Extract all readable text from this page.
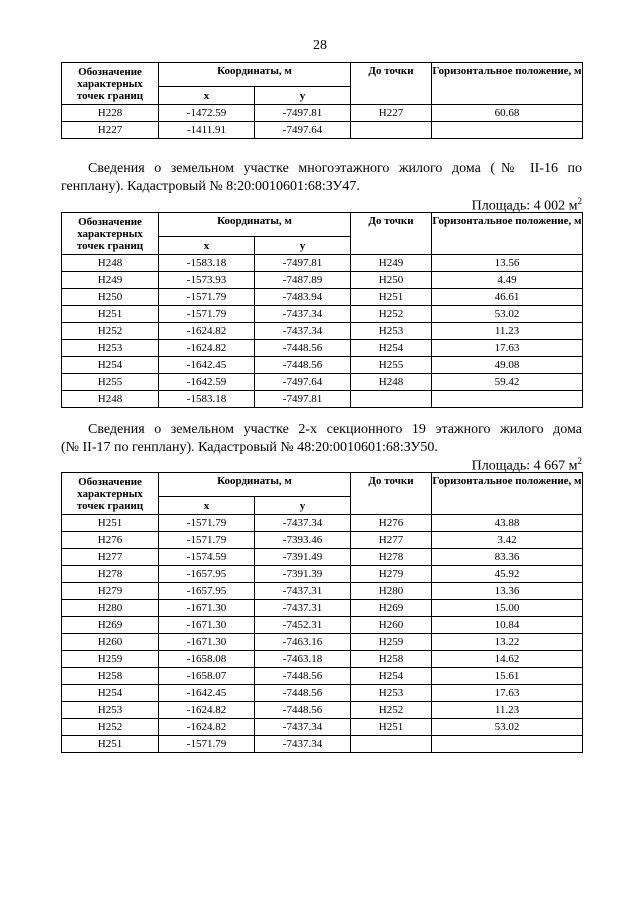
28
Обозначение характерных точек границ	Координаты, м		До точки	Горизонтальное положение, м
	х	у		
Н228	-1472.59	-7497.81	Н227	60.68
Н227	-1411.91	-7497.64		
Сведения о земельном участке многоэтажного жилого дома (№ II-16 по
генплану). Кадастровый № 8:20:0010601:68:ЗУ47.
Площадь: 4 002 $м^2$
Обозначение характерных точек границ	Координаты, м		До точки	Горизонтальное положение, м
	х	у		
Н248	-1583.18	-7497.81	Н249	13.56
Н249	-1573.93	-7487.89	Н250	4.49
Н250	-1571.79	-7483.94	Н251	46.61
Н251	-1571.79	-7437.34	Н252	53.02
Н252	-1624.82	-7437.34	Н253	11.23
Н253	-1624.82	-7448.56	Н254	17.63
Н254	-1642.45	-7448.56	Н255	49.08
Н255	-1642.59	-7497.64	Н248	59.42
Н248	-1583.18	-7497.81		
Сведения о земельном участке 2-х секционного 19 этажного жилого дома
(№ II-17 по генплану). Кадастровый № 48:20:0010601:68:ЗУ50.
Площадь: 4 667 $м^2$
Обозначение характерных точек границ	Координаты, м		До точки	Горизонтальное положение, м
	х	у		
Н251	-1571.79	-7437.34	Н276	43.88
Н276	-1571.79	-7393.46	Н277	3.42
Н277	-1574.59	-7391.49	Н278	83.36
Н278	-1657.95	-7391.39	Н279	45.92
Н279	-1657.95	-7437.31	Н280	13.36
Н280	-1671.30	-7437.31	Н269	15.00
Н269	-1671.30	-7452.31	Н260	10.84
Н260	-1671.30	-7463.16	Н259	13.22
Н259	-1658.08	-7463.18	Н258	14.62
Н258	-1658.07	-7448.56	Н254	15.61
Н254	-1642.45	-7448.56	Н253	17.63
Н253	-1624.82	-7448.56	Н252	11.23
Н252	-1624.82	-7437.34	Н251	53.02
Н251	-1571.79	-7437.34		
